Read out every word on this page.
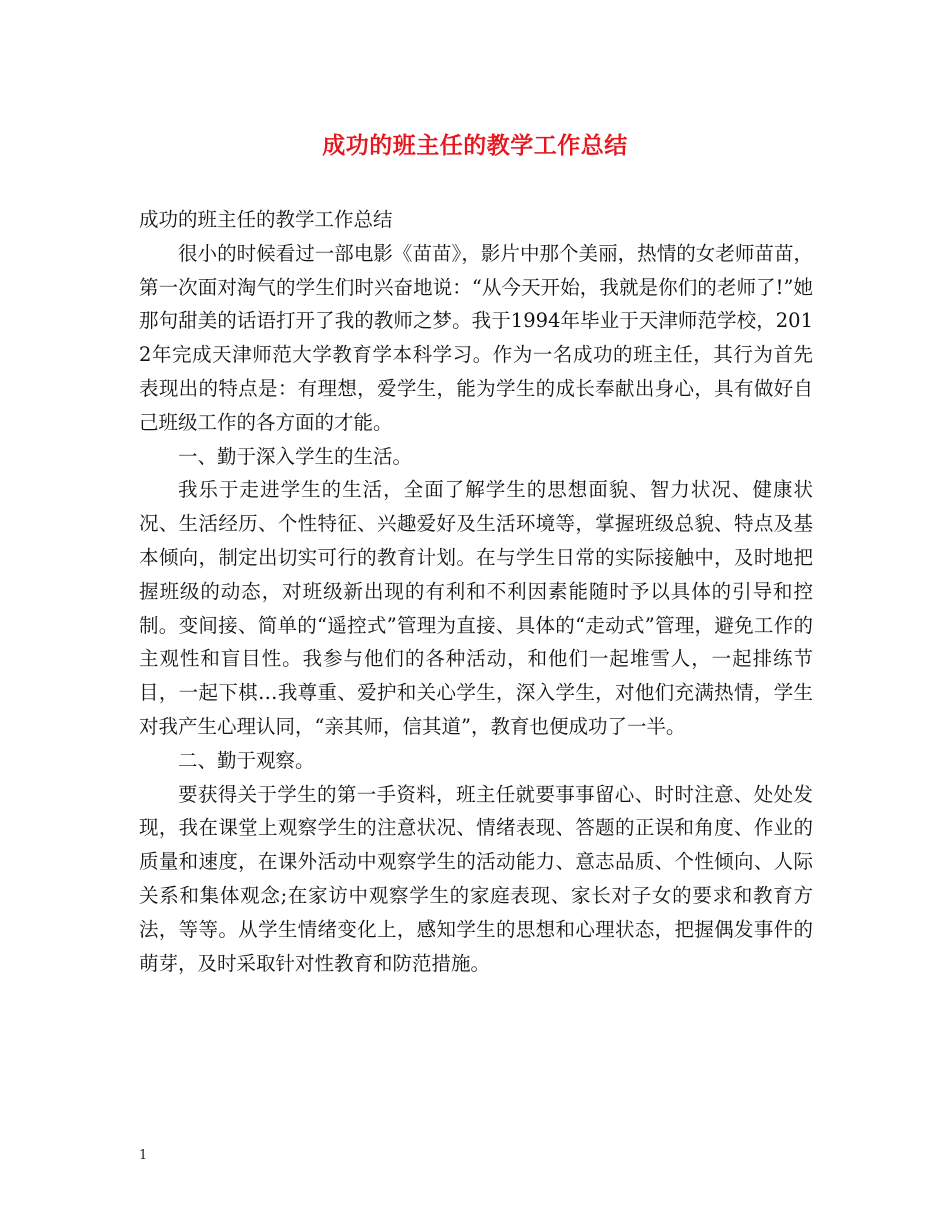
成功的班主任的教学工作总结

成功的班主任的教学工作总结

很小的时候看过一部电影《苗苗》，影片中那个美丽，热情的女老师苗苗，第一次面对淘气的学生们时兴奋地说：“从今天开始，我就是你们的老师了!”她那句甜美的话语打开了我的教师之梦。我于1994年毕业于天津师范学校，2012年完成天津师范大学教育学本科学习。作为一名成功的班主任，其行为首先表现出的特点是：有理想，爱学生，能为学生的成长奉献出身心，具有做好自己班级工作的各方面的才能。

一、勤于深入学生的生活。

我乐于走进学生的生活，全面了解学生的思想面貌、智力状况、健康状况、生活经历、个性特征、兴趣爱好及生活环境等，掌握班级总貌、特点及基本倾向，制定出切实可行的教育计划。在与学生日常的实际接触中，及时地把握班级的动态，对班级新出现的有利和不利因素能随时予以具体的引导和控制。变间接、简单的“遥控式”管理为直接、具体的“走动式”管理，避免工作的主观性和盲目性。我参与他们的各种活动，和他们一起堆雪人，一起排练节目，一起下棋…我尊重、爱护和关心学生，深入学生，对他们充满热情，学生对我产生心理认同，“亲其师，信其道”，教育也便成功了一半。

二、勤于观察。

要获得关于学生的第一手资料，班主任就要事事留心、时时注意、处处发现，我在课堂上观察学生的注意状况、情绪表现、答题的正误和角度、作业的质量和速度，在课外活动中观察学生的活动能力、意志品质、个性倾向、人际关系和集体观念;在家访中观察学生的家庭表现、家长对子女的要求和教育方法，等等。从学生情绪变化上，感知学生的思想和心理状态，把握偶发事件的萌芽，及时采取针对性教育和防范措施。

1
